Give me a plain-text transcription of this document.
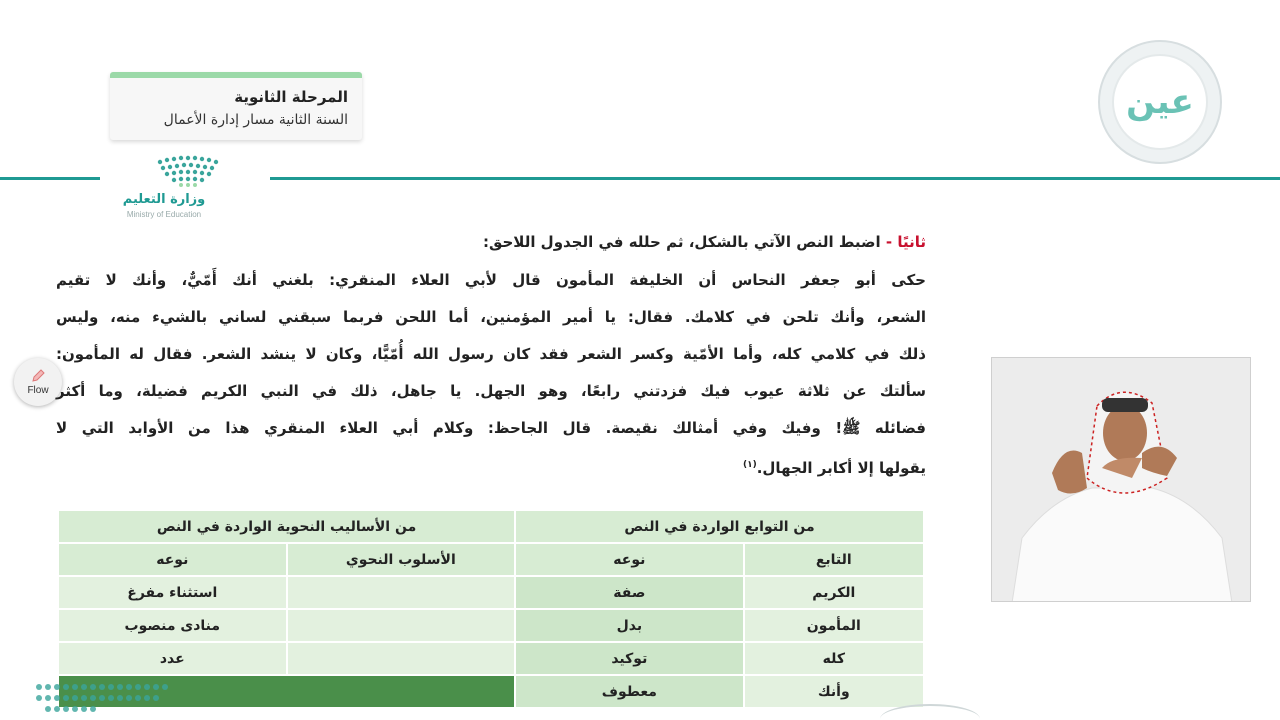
المرحلة الثانوية
السنة الثانية مسار إدارة الأعمال
وزارة التعليم
Ministry of Education
عين
Flow
ثانيًا - اضبط النص الآتي بالشكل، ثم حلله في الجدول اللاحق:
حكى أبو جعفر النحاس أن الخليفة المأمون قال لأبي العلاء المنقري: بلغني أنك أَمّيٌّ، وأنك لا تقيم
الشعر، وأنك تلحن في كلامك. فقال: يا أمير المؤمنين، أما اللحن فربما سبقني لساني بالشيء منه، وليس
ذلك في كلامي كله، وأما الأمّية وكسر الشعر فقد كان رسول الله أُمّيًّا، وكان لا ينشد الشعر. فقال له المأمون:
سألتك عن ثلاثة عيوب فيك فزدتني رابعًا، وهو الجهل. يا جاهل، ذلك في النبي الكريم فضيلة، وما أكثر
فضائله ﷺ! وفيك وفي أمثالك نقيصة. قال الجاحظ: وكلام أبي العلاء المنقري هذا من الأوابد التي لا
يقولها إلا أكابر الجهال.$^{(١)}$
من التوابع الواردة في النص		من الأساليب النحوية الواردة في النص	
التابع	نوعه	الأسلوب النحوي	نوعه
الكريم	صفة		استثناء مفرغ
المأمون	بدل		منادى منصوب
كله	توكيد		عدد
وأنك	معطوف		
